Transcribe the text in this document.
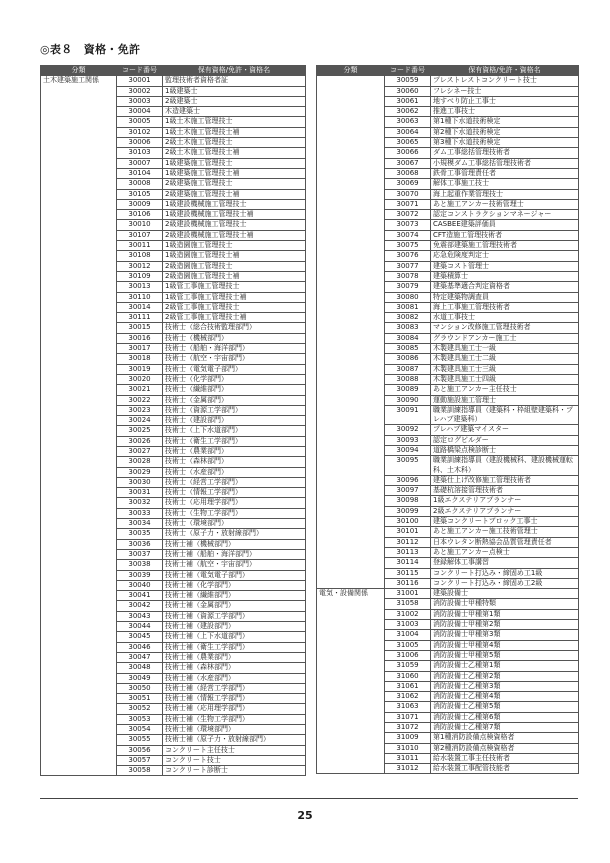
◎表８　資格・免許
分類	コード番号	保有資格/免許・資格名
土木建築施工関係	30001	監理技術者資格者証
	30002	1級建築士
	30003	2級建築士
	30004	木造建築士
	30005	1級土木施工管理技士
	30102	1級土木施工管理技士補
	30006	2級土木施工管理技士
	30103	2級土木施工管理技士補
	30007	1級建築施工管理技士
	30104	1級建築施工管理技士補
	30008	2級建築施工管理技士
	30105	2級建築施工管理技士補
	30009	1級建設機械施工管理技士
	30106	1級建設機械施工管理技士補
	30010	2級建設機械施工管理技士
	30107	2級建設機械施工管理技士補
	30011	1級造園施工管理技士
	30108	1級造園施工管理技士補
	30012	2級造園施工管理技士
	30109	2級造園施工管理技士補
	30013	1級管工事施工管理技士
	30110	1級管工事施工管理技士補
	30014	2級管工事施工管理技士
	30111	2級管工事施工管理技士補
	30015	技術士（総合技術監理部門）
	30016	技術士（機械部門）
	30017	技術士（船舶・海洋部門）
	30018	技術士（航空・宇宙部門）
	30019	技術士（電気電子部門）
	30020	技術士（化学部門）
	30021	技術士（繊維部門）
	30022	技術士（金属部門）
	30023	技術士（資源工学部門）
	30024	技術士（建設部門）
	30025	技術士（上下水道部門）
	30026	技術士（衛生工学部門）
	30027	技術士（農業部門）
	30028	技術士（森林部門）
	30029	技術士（水産部門）
	30030	技術士（経営工学部門）
	30031	技術士（情報工学部門）
	30032	技術士（応用理学部門）
	30033	技術士（生物工学部門）
	30034	技術士（環境部門）
	30035	技術士（原子力・放射線部門）
	30036	技術士補（機械部門）
	30037	技術士補（船舶・海洋部門）
	30038	技術士補（航空・宇宙部門）
	30039	技術士補（電気電子部門）
	30040	技術士補（化学部門）
	30041	技術士補（繊維部門）
	30042	技術士補（金属部門）
	30043	技術士補（資源工学部門）
	30044	技術士補（建設部門）
	30045	技術士補（上下水道部門）
	30046	技術士補（衛生工学部門）
	30047	技術士補（農業部門）
	30048	技術士補（森林部門）
	30049	技術士補（水産部門）
	30050	技術士補（経営工学部門）
	30051	技術士補（情報工学部門）
	30052	技術士補（応用理学部門）
	30053	技術士補（生物工学部門）
	30054	技術士補（環境部門）
	30055	技術士補（原子力・放射線部門）
	30056	コンクリート主任技士
	30057	コンクリート技士
	30058	コンクリート診断士
分類	コード番号	保有資格/免許・資格名
	30059	プレストレストコンクリート技士
	30060	フレシネー技士
	30061	地すべり防止工事士
	30062	推進工事技士
	30063	第1種下水道技術検定
	30064	第2種下水道技術検定
	30065	第3種下水道技術検定
	30066	ダム工事総括管理技術者
	30067	小規模ダム工事総括管理技術者
	30068	鉄骨工事管理責任者
	30069	解体工事施工技士
	30070	海上起重作業管理技士
	30071	あと施工アンカー技術管理士
	30072	認定コンストラクションマネージャー
	30073	CASBEE建築評価員
	30074	CFT造施工管理技術者
	30075	免震部建築施工管理技術者
	30076	応急危険度判定士
	30077	建築コスト管理士
	30078	建築積算士
	30079	建築基準適合判定資格者
	30080	特定建築物調査員
	30081	海上工事施工管理技術者
	30082	水道工事技士
	30083	マンション改修施工管理技術者
	30084	グラウンドアンカー施工士
	30085	木製建具施工士一級
	30086	木製建具施工士二級
	30087	木製建具施工士三級
	30088	木製建具施工士四級
	30089	あと施工アンカー主任技士
	30090	運動施設施工管理士
	30091	職業訓練指導員（建築科・枠組壁建築科・プレハブ建築科）
	30092	プレハブ建築マイスター
	30093	認定ログビルダー
	30094	道路橋梁点検診断士
	30095	職業訓練指導員（建設機械科、建設機械運転科、土木科）
	30096	建築仕上げ改修施工管理技術者
	30097	基礎杭溶接管理技術者
	30098	1級エクステリアプランナー
	30099	2級エクステリアプランナー
	30100	建築コンクリートブロック工事士
	30101	あと施工アンカー施工技術管理士
	30112	日本ウレタン断熱協会品質管理責任者
	30113	あと施工アンカー点検士
	30114	登録解体工事講習
	30115	コンクリート打込み・締固め工1級
	30116	コンクリート打込み・締固め工2級
電気・設備関係	31001	建築設備士
	31058	消防設備士甲種特類
	31002	消防設備士甲種第1類
	31003	消防設備士甲種第2類
	31004	消防設備士甲種第3類
	31005	消防設備士甲種第4類
	31006	消防設備士甲種第5類
	31059	消防設備士乙種第1類
	31060	消防設備士乙種第2類
	31061	消防設備士乙種第3類
	31062	消防設備士乙種第4類
	31063	消防設備士乙種第5類
	31071	消防設備士乙種第6類
	31072	消防設備士乙種第7類
	31009	第1種消防設備点検資格者
	31010	第2種消防設備点検資格者
	31011	給水装置工事主任技術者
	31012	給水装置工事配管技能者
25
